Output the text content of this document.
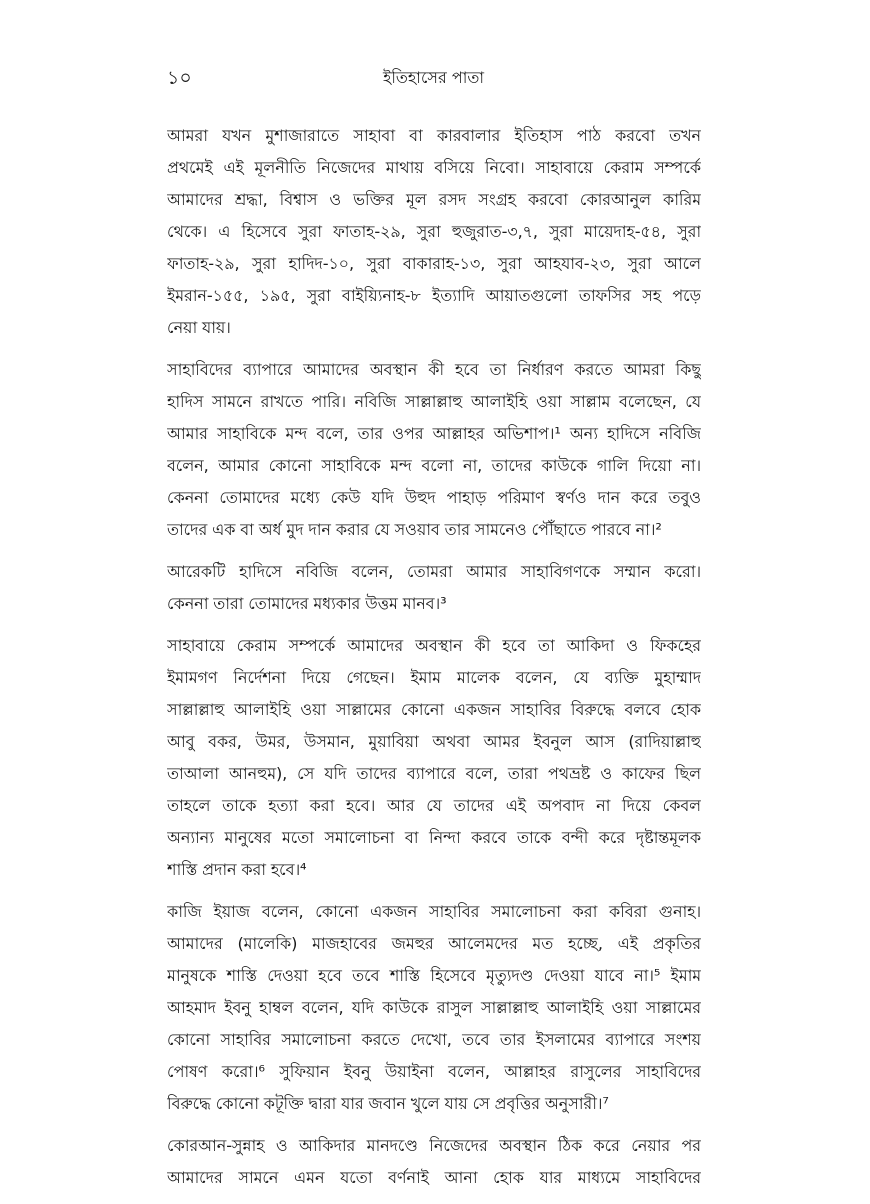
১০	ইতিহাসের পাতা

আমরা যখন মুশাজারাতে সাহাবা বা কারবালার ইতিহাস পাঠ করবো তখন
প্রথমেই এই মূলনীতি নিজেদের মাথায় বসিয়ে নিবো। সাহাবায়ে কেরাম সম্পর্কে
আমাদের শ্রদ্ধা, বিশ্বাস ও ভক্তির মূল রসদ সংগ্রহ করবো কোরআনুল কারিম
থেকে। এ হিসেবে সুরা ফাতাহ-২৯, সুরা হুজুরাত-৩,৭, সুরা মায়েদাহ-৫৪, সুরা
ফাতাহ-২৯, সুরা হাদিদ-১০, সুরা বাকারাহ-১৩, সুরা আহযাব-২৩, সুরা আলে
ইমরান-১৫৫, ১৯৫, সুরা বাইয়্যিনাহ-৮ ইত্যাদি আয়াতগুলো তাফসির সহ পড়ে
নেয়া যায়।

সাহাবিদের ব্যাপারে আমাদের অবস্থান কী হবে তা নির্ধারণ করতে আমরা কিছু
হাদিস সামনে রাখতে পারি। নবিজি সাল্লাল্লাহু আলাইহি ওয়া সাল্লাম বলেছেন, যে
আমার সাহাবিকে মন্দ বলে, তার ওপর আল্লাহর অভিশাপ।¹ অন্য হাদিসে নবিজি
বলেন, আমার কোনো সাহাবিকে মন্দ বলো না, তাদের কাউকে গালি দিয়ো না।
কেননা তোমাদের মধ্যে কেউ যদি উহুদ পাহাড় পরিমাণ স্বর্ণও দান করে তবুও
তাদের এক বা অর্ধ মুদ দান করার যে সওয়াব তার সামনেও পৌঁছাতে পারবে না।²

আরেকটি হাদিসে নবিজি বলেন, তোমরা আমার সাহাবিগণকে সম্মান করো।
কেননা তারা তোমাদের মধ্যকার উত্তম মানব।³

সাহাবায়ে কেরাম সম্পর্কে আমাদের অবস্থান কী হবে তা আকিদা ও ফিকহের
ইমামগণ নির্দেশনা দিয়ে গেছেন। ইমাম মালেক বলেন, যে ব্যক্তি মুহাম্মাদ
সাল্লাল্লাহু আলাইহি ওয়া সাল্লামের কোনো একজন সাহাবির বিরুদ্ধে বলবে হোক
আবু বকর, উমর, উসমান, মুয়াবিয়া অথবা আমর ইবনুল আস (রাদিয়াল্লাহু
তাআলা আনহুম), সে যদি তাদের ব্যাপারে বলে, তারা পথভ্রষ্ট ও কাফের ছিল
তাহলে তাকে হত্যা করা হবে। আর যে তাদের এই অপবাদ না দিয়ে কেবল
অন্যান্য মানুষের মতো সমালোচনা বা নিন্দা করবে তাকে বন্দী করে দৃষ্টান্তমূলক
শাস্তি প্রদান করা হবে।⁴

কাজি ইয়াজ বলেন, কোনো একজন সাহাবির সমালোচনা করা কবিরা গুনাহ।
আমাদের (মালেকি) মাজহাবের জমহুর আলেমদের মত হচ্ছে, এই প্রকৃতির
মানুষকে শাস্তি দেওয়া হবে তবে শাস্তি হিসেবে মৃত্যুদণ্ড দেওয়া যাবে না।⁵ ইমাম
আহমাদ ইবনু হাম্বল বলেন, যদি কাউকে রাসুল সাল্লাল্লাহু আলাইহি ওয়া সাল্লামের
কোনো সাহাবির সমালোচনা করতে দেখো, তবে তার ইসলামের ব্যাপারে সংশয়
পোষণ করো।⁶ সুফিয়ান ইবনু উয়াইনা বলেন, আল্লাহর রাসুলের সাহাবিদের
বিরুদ্ধে কোনো কটূক্তি দ্বারা যার জবান খুলে যায় সে প্রবৃত্তির অনুসারী।⁷

কোরআন-সুন্নাহ ও আকিদার মানদণ্ডে নিজেদের অবস্থান ঠিক করে নেয়ার পর
আমাদের সামনে এমন যতো বর্ণনাই আনা হোক যার মাধ্যমে সাহাবিদের
